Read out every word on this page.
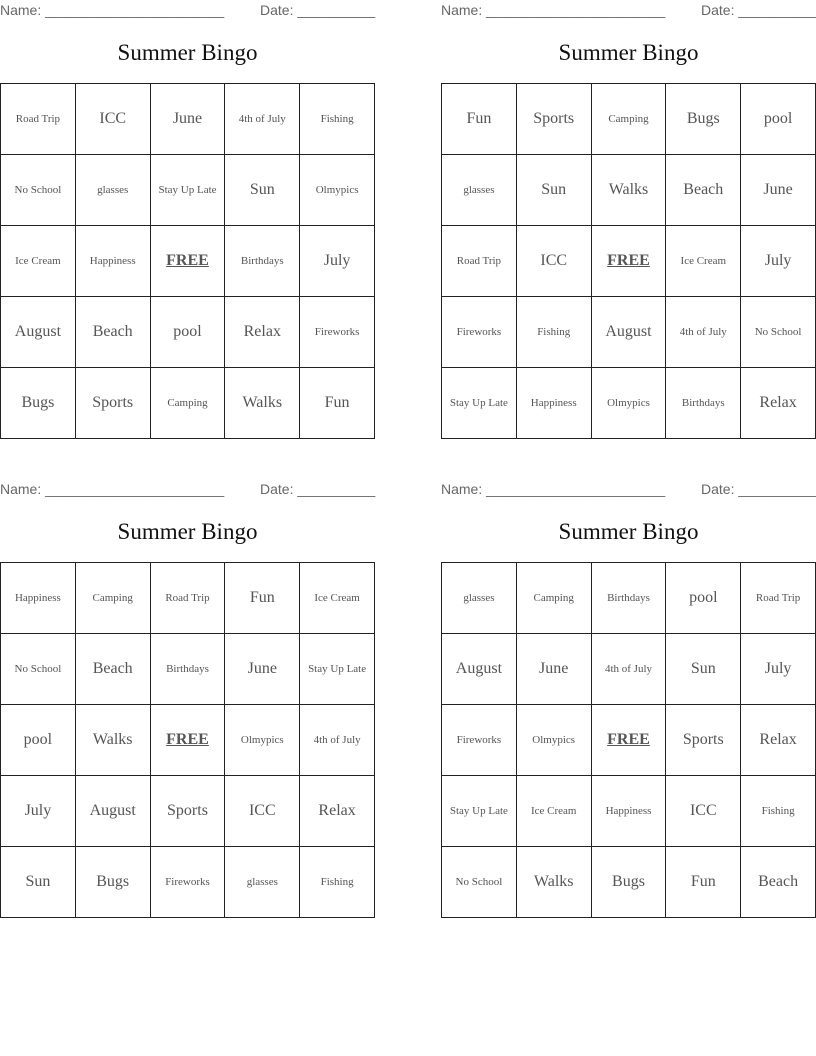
Name: _______________________	Date: __________
Summer Bingo
Road Trip	ICC	June	4th of July	Fishing
No School	glasses	Stay Up Late	Sun	Olmypics
Ice Cream	Happiness	FREE	Birthdays	July
August	Beach	pool	Relax	Fireworks
Bugs	Sports	Camping	Walks	Fun
Name: _______________________	Date: __________
Summer Bingo
Fun	Sports	Camping	Bugs	pool
glasses	Sun	Walks	Beach	June
Road Trip	ICC	FREE	Ice Cream	July
Fireworks	Fishing	August	4th of July	No School
Stay Up Late	Happiness	Olmypics	Birthdays	Relax
Name: _______________________	Date: __________
Summer Bingo
Happiness	Camping	Road Trip	Fun	Ice Cream
No School	Beach	Birthdays	June	Stay Up Late
pool	Walks	FREE	Olmypics	4th of July
July	August	Sports	ICC	Relax
Sun	Bugs	Fireworks	glasses	Fishing
Name: _______________________	Date: __________
Summer Bingo
glasses	Camping	Birthdays	pool	Road Trip
August	June	4th of July	Sun	July
Fireworks	Olmypics	FREE	Sports	Relax
Stay Up Late	Ice Cream	Happiness	ICC	Fishing
No School	Walks	Bugs	Fun	Beach
